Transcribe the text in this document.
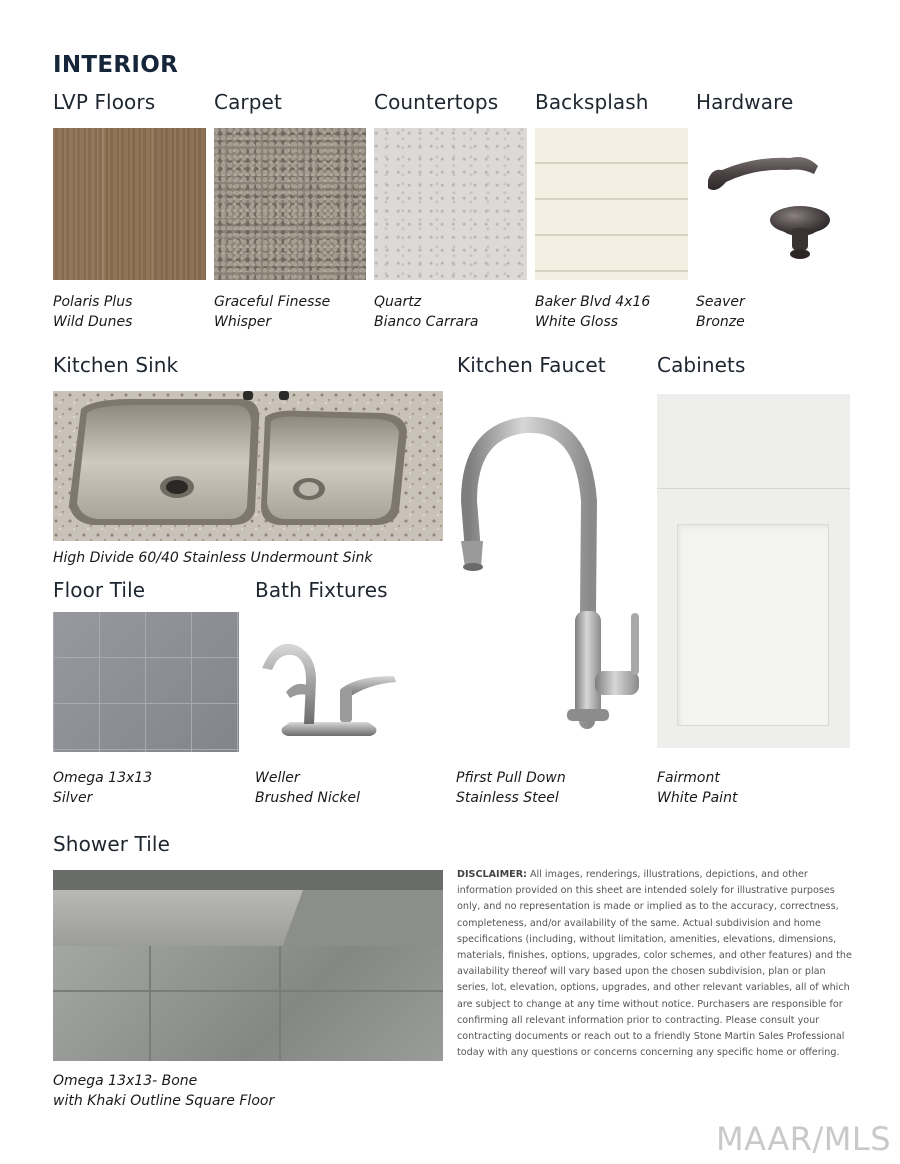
INTERIOR
LVP Floors	Carpet	Countertops Backsplash Hardware
Polaris Plus
Wild Dunes
Graceful Finesse
Whisper
Quartz
Bianco Carrara
Baker Blvd 4x16
White Gloss
Seaver
Bronze
Kitchen Sink	Kitchen Faucet	Cabinets
High Divide 60/40 Stainless Undermount Sink
Pfirst Pull Down
Stainless Steel
Fairmont
White Paint
Floor Tile	Bath Fixtures
Omega 13x13
Silver
Weller
Brushed Nickel
Shower Tile
Omega 13x13- Bone
with Khaki Outline Square Floor
DISCLAIMER: All images, renderings, illustrations, depictions, and other information provided on this sheet are intended solely for illustrative purposes only, and no representation is made or implied as to the accuracy, correctness, completeness, and/or availability of the same. Actual subdivision and home specifications (including, without limitation, amenities, elevations, dimensions, materials, finishes, options, upgrades, color schemes, and other features) and the availability thereof will vary based upon the chosen subdivision, plan or plan series, lot, elevation, options, upgrades, and other relevant variables, all of which are subject to change at any time without notice. Purchasers are responsible for confirming all relevant information prior to contracting. Please consult your contracting documents or reach out to a friendly Stone Martin Sales Professional today with any questions or concerns concerning any specific home or offering.
MAAR/MLS
